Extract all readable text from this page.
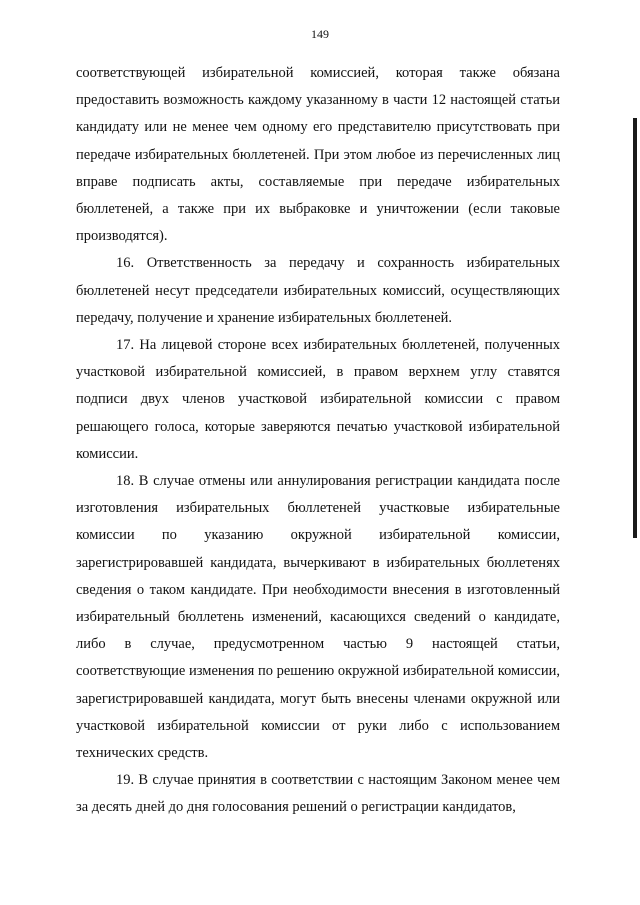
149

соответствующей избирательной комиссией, которая также обязана предоставить возможность каждому указанному в части 12 настоящей статьи кандидату или не менее чем одному его представителю присутствовать при передаче избирательных бюллетеней. При этом любое из перечисленных лиц вправе подписать акты, составляемые при передаче избирательных бюллетеней, а также при их выбраковке и уничтожении (если таковые производятся).

16. Ответственность за передачу и сохранность избирательных бюллетеней несут председатели избирательных комиссий, осуществляющих передачу, получение и хранение избирательных бюллетеней.

17. На лицевой стороне всех избирательных бюллетеней, полученных участковой избирательной комиссией, в правом верхнем углу ставятся подписи двух членов участковой избирательной комиссии с правом решающего голоса, которые заверяются печатью участковой избирательной комиссии.

18. В случае отмены или аннулирования регистрации кандидата после изготовления избирательных бюллетеней участковые избирательные комиссии по указанию окружной избирательной комиссии, зарегистрировавшей кандидата, вычеркивают в избирательных бюллетенях сведения о таком кандидате. При необходимости внесения в изготовленный избирательный бюллетень изменений, касающихся сведений о кандидате, либо в случае, предусмотренном частью 9 настоящей статьи, соответствующие изменения по решению окружной избирательной комиссии, зарегистрировавшей кандидата, могут быть внесены членами окружной или участковой избирательной комиссии от руки либо с использованием технических средств.

19. В случае принятия в соответствии с настоящим Законом менее чем за десять дней до дня голосования решений о регистрации кандидатов,
